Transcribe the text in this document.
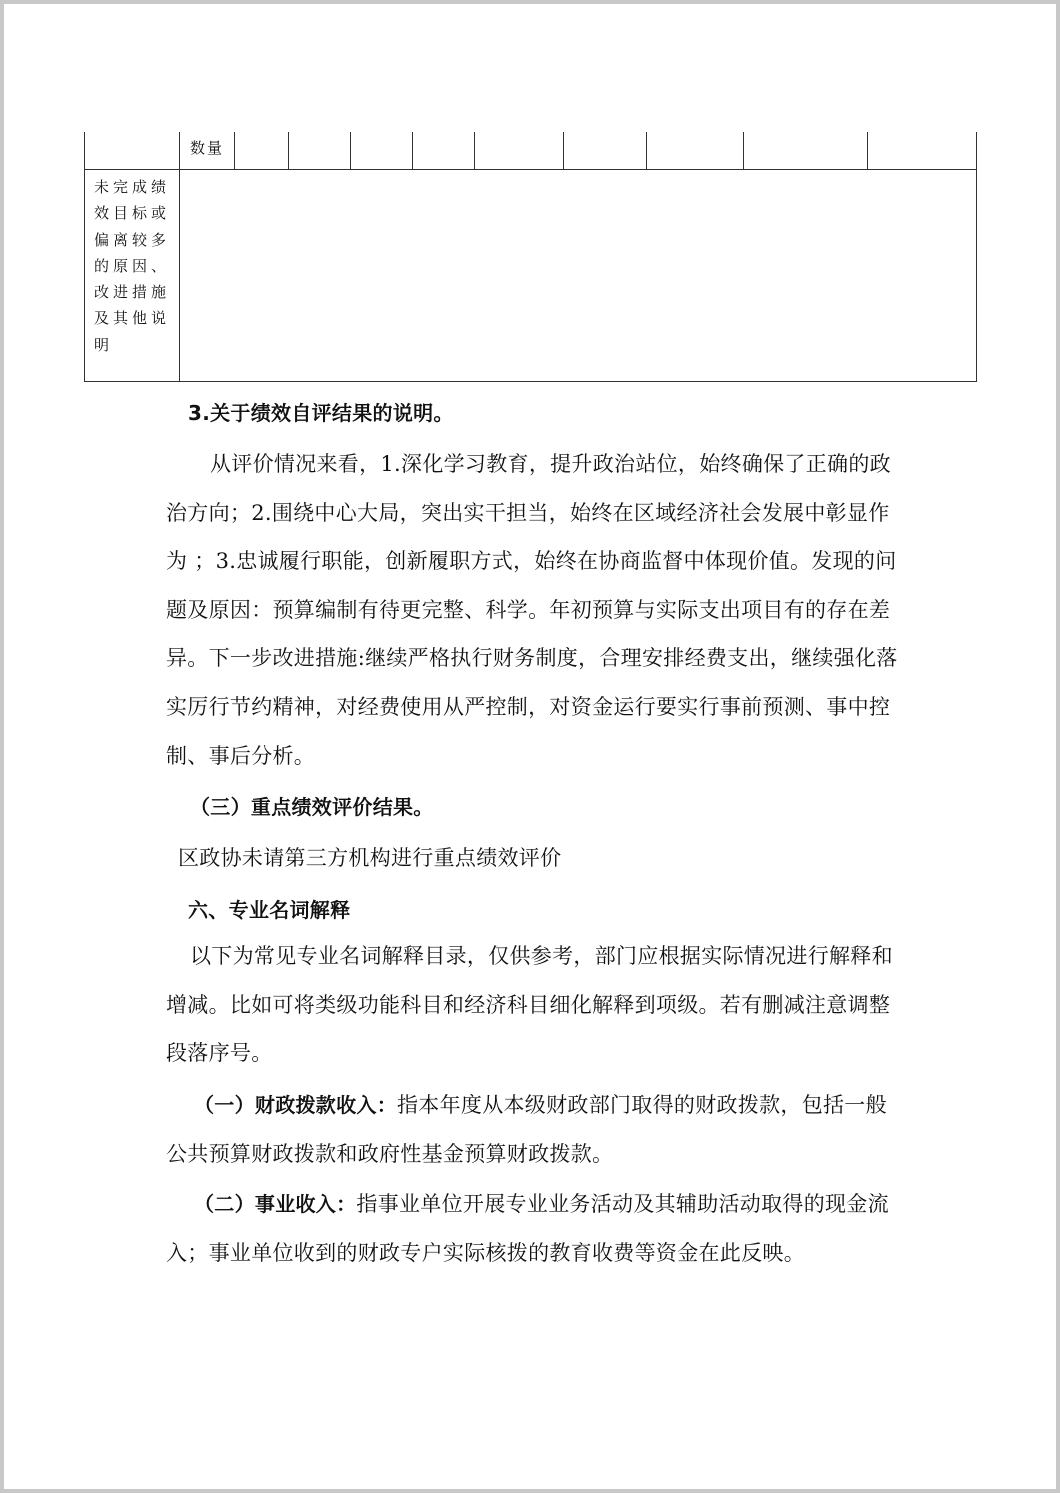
数量
未完成绩效目标或偏离较多的原因、改进措施及其他说明

3.关于绩效自评结果的说明。

从评价情况来看，1.深化学习教育，提升政治站位，始终确保了正确的政治方向；2.围绕中心大局，突出实干担当，始终在区域经济社会发展中彰显作为 ；3.忠诚履行职能，创新履职方式，始终在协商监督中体现价值。发现的问题及原因：预算编制有待更完整、科学。年初预算与实际支出项目有的存在差异。下一步改进措施:继续严格执行财务制度，合理安排经费支出，继续强化落实厉行节约精神，对经费使用从严控制，对资金运行要实行事前预测、事中控制、事后分析。

（三）重点绩效评价结果。

区政协未请第三方机构进行重点绩效评价

六、专业名词解释

以下为常见专业名词解释目录，仅供参考，部门应根据实际情况进行解释和增减。比如可将类级功能科目和经济科目细化解释到项级。若有删减注意调整段落序号。

（一）财政拨款收入：指本年度从本级财政部门取得的财政拨款，包括一般公共预算财政拨款和政府性基金预算财政拨款。

（二）事业收入：指事业单位开展专业业务活动及其辅助活动取得的现金流入；事业单位收到的财政专户实际核拨的教育收费等资金在此反映。
